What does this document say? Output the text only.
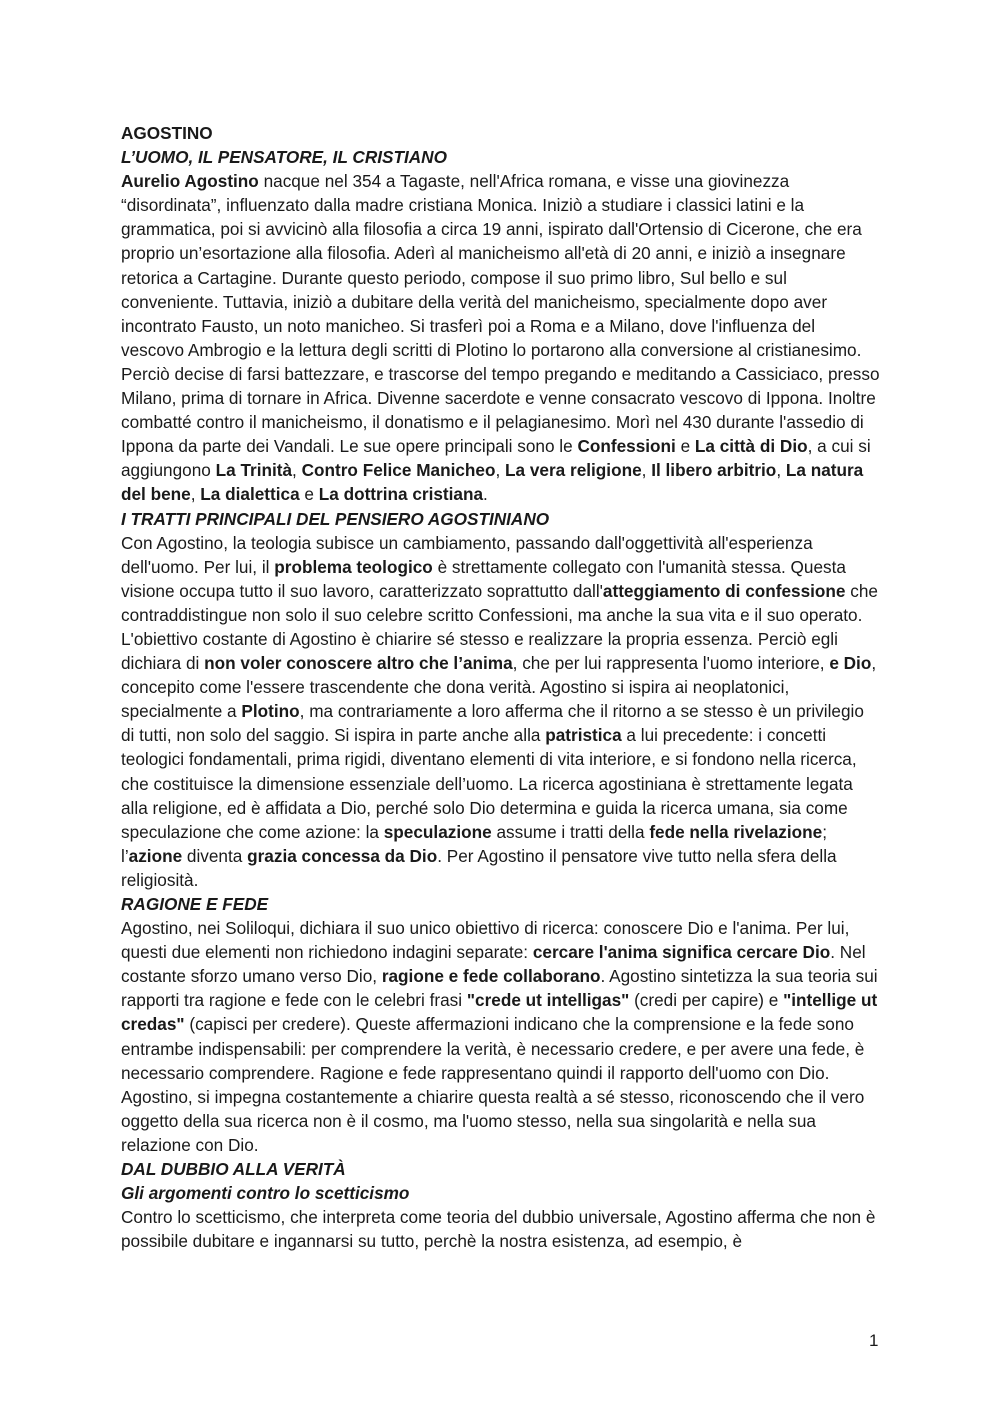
AGOSTINO

L’UOMO, IL PENSATORE, IL CRISTIANO

Aurelio Agostino nacque nel 354 a Tagaste, nell'Africa romana, e visse una giovinezza “disordinata”, influenzato dalla madre cristiana Monica. Iniziò a studiare i classici latini e la grammatica, poi si avvicinò alla filosofia a circa 19 anni, ispirato dall'Ortensio di Cicerone, che era proprio un’esortazione alla filosofia. Aderì al manicheismo all'età di 20 anni, e iniziò a insegnare retorica a Cartagine. Durante questo periodo, compose il suo primo libro, Sul bello e sul conveniente. Tuttavia, iniziò a dubitare della verità del manicheismo, specialmente dopo aver incontrato Fausto, un noto manicheo. Si trasferì poi a Roma e a Milano, dove l'influenza del vescovo Ambrogio e la lettura degli scritti di Plotino lo portarono alla conversione al cristianesimo. Perciò decise di farsi battezzare, e trascorse del tempo pregando e meditando a Cassiciaco, presso Milano, prima di tornare in Africa. Divenne sacerdote e venne consacrato vescovo di Ippona. Inoltre combatté contro il manicheismo, il donatismo e il pelagianesimo. Morì nel 430 durante l'assedio di Ippona da parte dei Vandali. Le sue opere principali sono le Confessioni e La città di Dio, a cui si aggiungono La Trinità, Contro Felice Manicheo, La vera religione, Il libero arbitrio, La natura del bene, La dialettica e La dottrina cristiana.

I TRATTI PRINCIPALI DEL PENSIERO AGOSTINIANO

Con Agostino, la teologia subisce un cambiamento, passando dall'oggettività all'esperienza dell'uomo. Per lui, il problema teologico è strettamente collegato con l'umanità stessa. Questa visione occupa tutto il suo lavoro, caratterizzato soprattutto dall'atteggiamento di confessione che contraddistingue non solo il suo celebre scritto Confessioni, ma anche la sua vita e il suo operato. L'obiettivo costante di Agostino è chiarire sé stesso e realizzare la propria essenza. Perciò egli dichiara di non voler conoscere altro che l’anima, che per lui rappresenta l'uomo interiore, e Dio, concepito come l'essere trascendente che dona verità. Agostino si ispira ai neoplatonici, specialmente a Plotino, ma contrariamente a loro afferma che il ritorno a se stesso è un privilegio di tutti, non solo del saggio. Si ispira in parte anche alla patristica a lui precedente: i concetti teologici fondamentali, prima rigidi, diventano elementi di vita interiore, e si fondono nella ricerca, che costituisce la dimensione essenziale dell’uomo. La ricerca agostiniana è strettamente legata alla religione, ed è affidata a Dio, perché solo Dio determina e guida la ricerca umana, sia come speculazione che come azione: la speculazione assume i tratti della fede nella rivelazione; l’azione diventa grazia concessa da Dio. Per Agostino il pensatore vive tutto nella sfera della religiosità.

RAGIONE E FEDE

Agostino, nei Soliloqui, dichiara il suo unico obiettivo di ricerca: conoscere Dio e l'anima. Per lui, questi due elementi non richiedono indagini separate: cercare l'anima significa cercare Dio. Nel costante sforzo umano verso Dio, ragione e fede collaborano. Agostino sintetizza la sua teoria sui rapporti tra ragione e fede con le celebri frasi "crede ut intelligas" (credi per capire) e "intellige ut credas" (capisci per credere). Queste affermazioni indicano che la comprensione e la fede sono entrambe indispensabili: per comprendere la verità, è necessario credere, e per avere una fede, è necessario comprendere. Ragione e fede rappresentano quindi il rapporto dell'uomo con Dio. Agostino, si impegna costantemente a chiarire questa realtà a sé stesso, riconoscendo che il vero oggetto della sua ricerca non è il cosmo, ma l'uomo stesso, nella sua singolarità e nella sua relazione con Dio.

DAL DUBBIO ALLA VERITÀ

Gli argomenti contro lo scetticismo

Contro lo scetticismo, che interpreta come teoria del dubbio universale, Agostino afferma che non è possibile dubitare e ingannarsi su tutto, perchè la nostra esistenza, ad esempio, è

1
